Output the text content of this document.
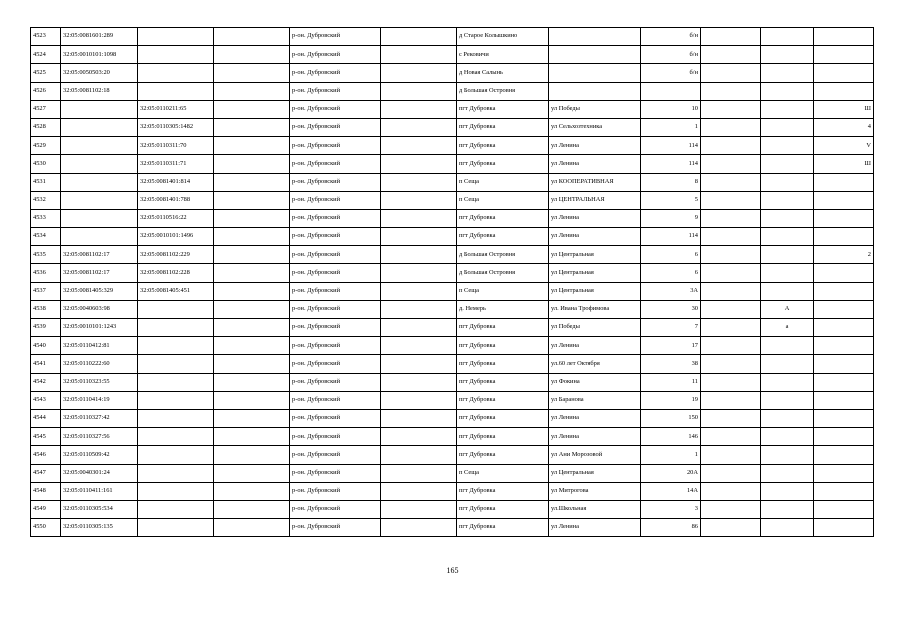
4523	32:05:0081601:289			р-он. Дубровский		д Старое Колышкино		б/н			
4524	32:05:0010101:1098			р-он. Дубровский		с Рековичи		б/н			
4525	32:05:0050503:20			р-он. Дубровский		д Новая Салынь		б/н			
4526	32:05:0081102:18			р-он. Дубровский		д Большая Островня					
4527		32:05:0110211:65		р-он. Дубровский		пгт Дубровка	ул Победы	10			Ш
4528		32:05:0110305:1482		р-он. Дубровский		пгт Дубровка	ул Сельхозтехника	1			4
4529		32:05:0110311:70		р-он. Дубровский		пгт Дубровка	ул Ленина	114			V
4530		32:05:0110311:71		р-он. Дубровский		пгт Дубровка	ул Ленина	114			Ш
4531		32:05:0081401:814		р-он. Дубровский		п Сеща	ул КООПЕРАТИВНАЯ	8			
4532		32:05:0081401:788		р-он. Дубровский		п Сеща	ул ЦЕНТРАЛЬНАЯ	5			
4533		32:05:0110516:22		р-он. Дубровский		пгт Дубровка	ул Ленина	9			
4534		32:05:0010101:1496		р-он. Дубровский		пгт Дубровка	ул Ленина	114			
4535	32:05:0081102:17	32:05:0081102:229		р-он. Дубровский		д Большая Островня	ул Центральная	6			2
4536	32:05:0081102:17	32:05:0081102:228		р-он. Дубровский		д Большая Островня	ул Центральная	6			
4537	32:05:0081405:329	32:05:0081405:451		р-он. Дубровский		п Сеща	ул Центральная	3А			
4538	32:05:0040603:98			р-он. Дубровский		д. Немерь	ул. Ивана Трофимова	30		А	
4539	32:05:0010101:1243			р-он. Дубровский		пгт Дубровка	ул Победы	7		а	
4540	32:05:0110412:81			р-он. Дубровский		пгт Дубровка	ул Ленина	17			
4541	32:05:0110222:60			р-он. Дубровский		пгт Дубровка	ул.60 лет Октября	38			
4542	32:05:0110323:55			р-он. Дубровский		пгт Дубровка	ул Фокина	11			
4543	32:05:0110414:19			р-он. Дубровский		пгт Дубровка	ул Баранова	19			
4544	32:05:0110327:42			р-он. Дубровский		пгт Дубровка	ул Ленина	150			
4545	32:05:0110327:56			р-он. Дубровский		пгт Дубровка	ул Ленина	146			
4546	32:05:0110509:42			р-он. Дубровский		пгт Дубровка	ул Ани Морозовой	1			
4547	32:05:0040301:24			р-он. Дубровский		п Сеща	ул Центральная	20А			
4548	32:05:0110411:161			р-он. Дубровский		пгт Дубровка	ул Митрогова	14А			
4549	32:05:0110305:534			р-он. Дубровский		пгт Дубровка	ул.Школьная	3			
4550	32:05:0110305:135			р-он. Дубровский		пгт Дубровка	ул Ленина	86			
165
